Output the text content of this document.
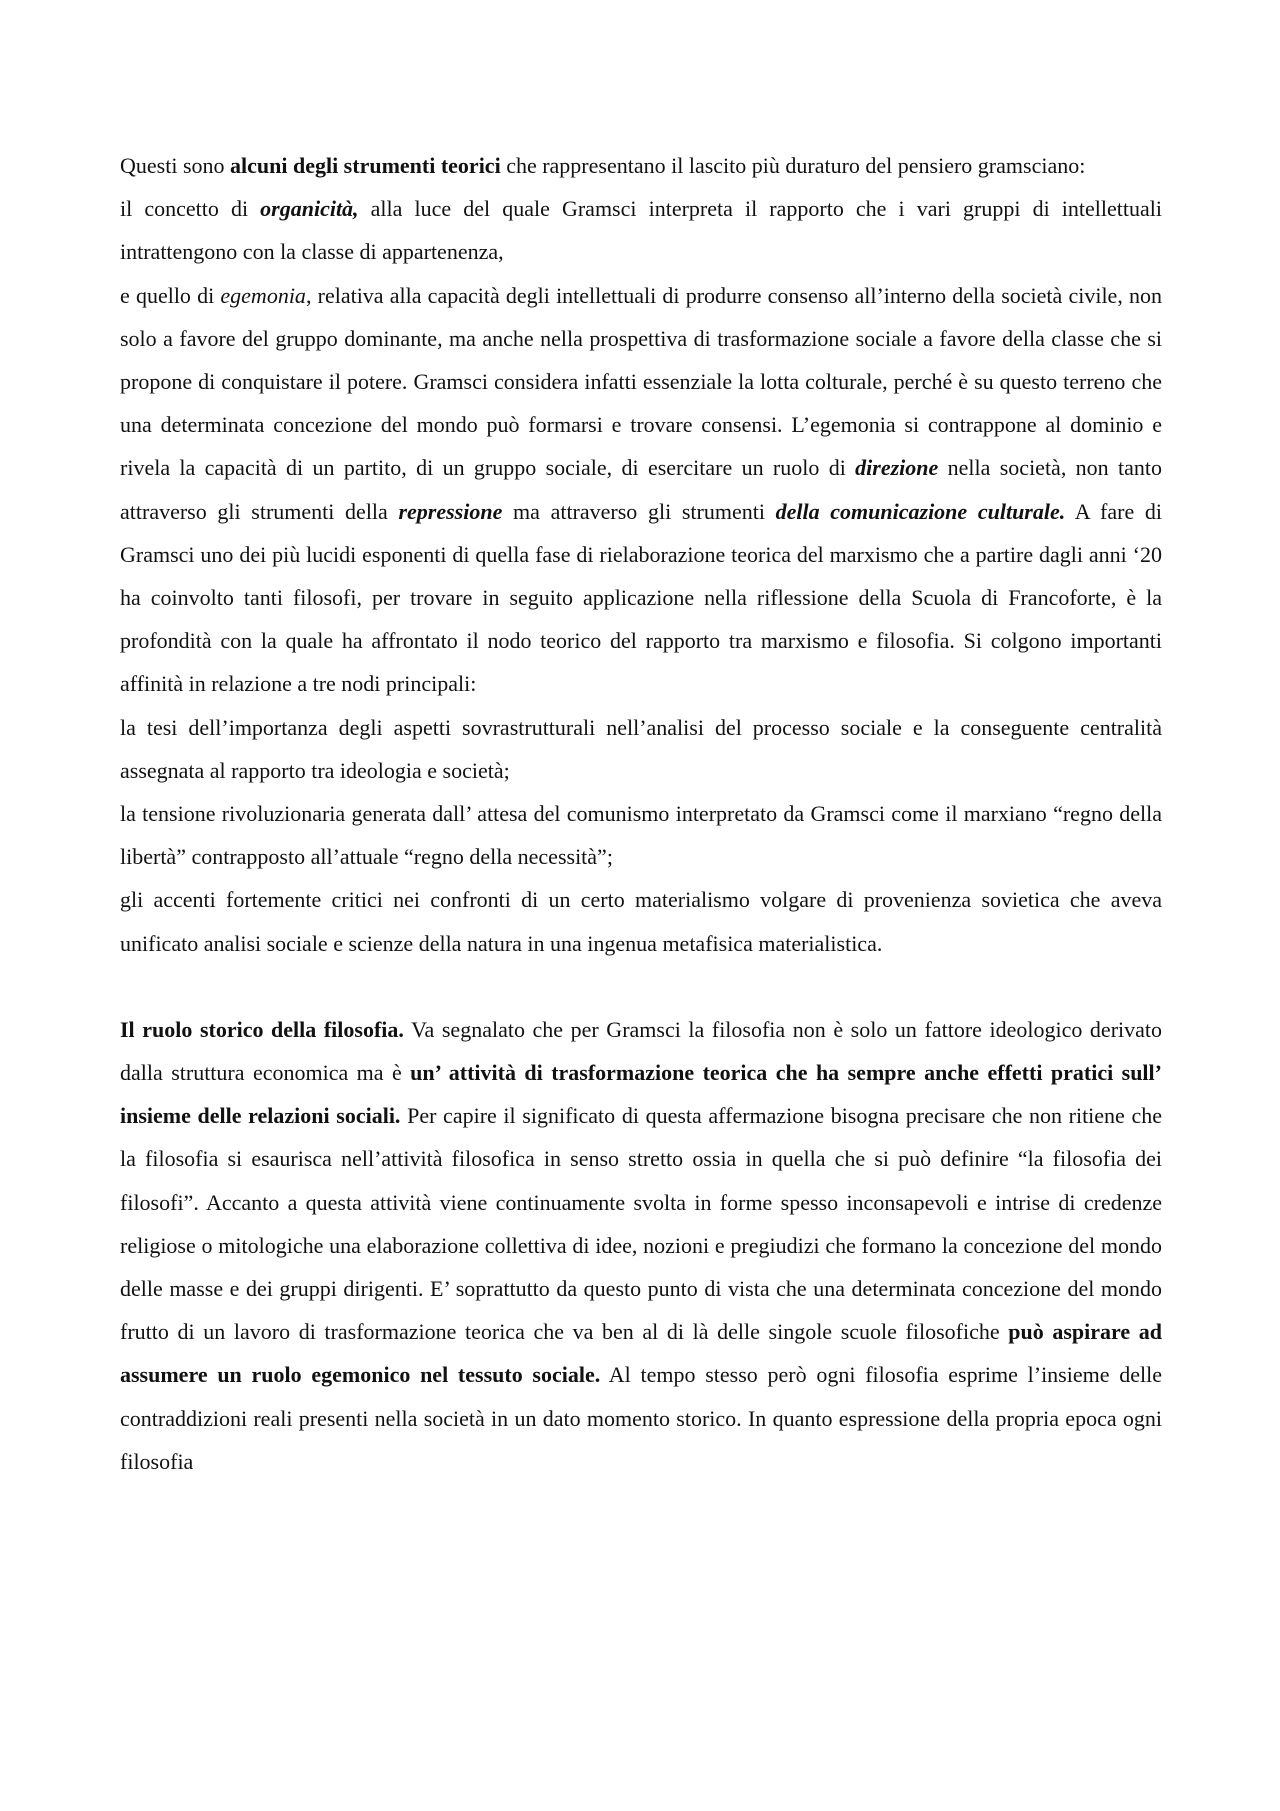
Questi sono alcuni degli strumenti teorici che rappresentano il lascito più duraturo del pensiero gramsciano:

il concetto di organicità, alla luce del quale Gramsci interpreta il rapporto che i vari gruppi di intellettuali intrattengono con la classe di appartenenza,

e quello di egemonia, relativa alla capacità degli intellettuali di produrre consenso all’interno della società civile, non solo a favore del gruppo dominante, ma anche nella prospettiva di trasformazione sociale a favore della classe che si propone di conquistare il potere. Gramsci considera infatti essenziale la lotta colturale, perché è su questo terreno che una determinata concezione del mondo può formarsi e trovare consensi. L’egemonia si contrappone al dominio e rivela la capacità di un partito, di un gruppo sociale, di esercitare un ruolo di direzione nella società, non tanto attraverso gli strumenti della repressione ma attraverso gli strumenti della comunicazione culturale. A fare di Gramsci uno dei più lucidi esponenti di quella fase di rielaborazione teorica del marxismo che a partire dagli anni ‘20 ha coinvolto tanti filosofi, per trovare in seguito applicazione nella riflessione della Scuola di Francoforte, è la profondità con la quale ha affrontato il nodo teorico del rapporto tra marxismo e filosofia. Si colgono importanti affinità in relazione a tre nodi principali:

la tesi dell’importanza degli aspetti sovrastrutturali nell’analisi del processo sociale e la conseguente centralità assegnata al rapporto tra ideologia e società;

la tensione rivoluzionaria generata dall’ attesa del comunismo interpretato da Gramsci come il marxiano “regno della libertà” contrapposto all’attuale “regno della necessità”;

gli accenti fortemente critici nei confronti di un certo materialismo volgare di provenienza sovietica che aveva unificato analisi sociale e scienze della natura in una ingenua metafisica materialistica.

Il ruolo storico della filosofia. Va segnalato che per Gramsci la filosofia non è solo un fattore ideologico derivato dalla struttura economica ma è un’ attività di trasformazione teorica che ha sempre anche effetti pratici sull’ insieme delle relazioni sociali. Per capire il significato di questa affermazione bisogna precisare che non ritiene che la filosofia si esaurisca nell’attività filosofica in senso stretto ossia in quella che si può definire “la filosofia dei filosofi”. Accanto a questa attività viene continuamente svolta in forme spesso inconsapevoli e intrise di credenze religiose o mitologiche una elaborazione collettiva di idee, nozioni e pregiudizi che formano la concezione del mondo delle masse e dei gruppi dirigenti. E’ soprattutto da questo punto di vista che una determinata concezione del mondo frutto di un lavoro di trasformazione teorica che va ben al di là delle singole scuole filosofiche può aspirare ad assumere un ruolo egemonico nel tessuto sociale. Al tempo stesso però ogni filosofia esprime l’insieme delle contraddizioni reali presenti nella società in un dato momento storico. In quanto espressione della propria epoca ogni filosofia
